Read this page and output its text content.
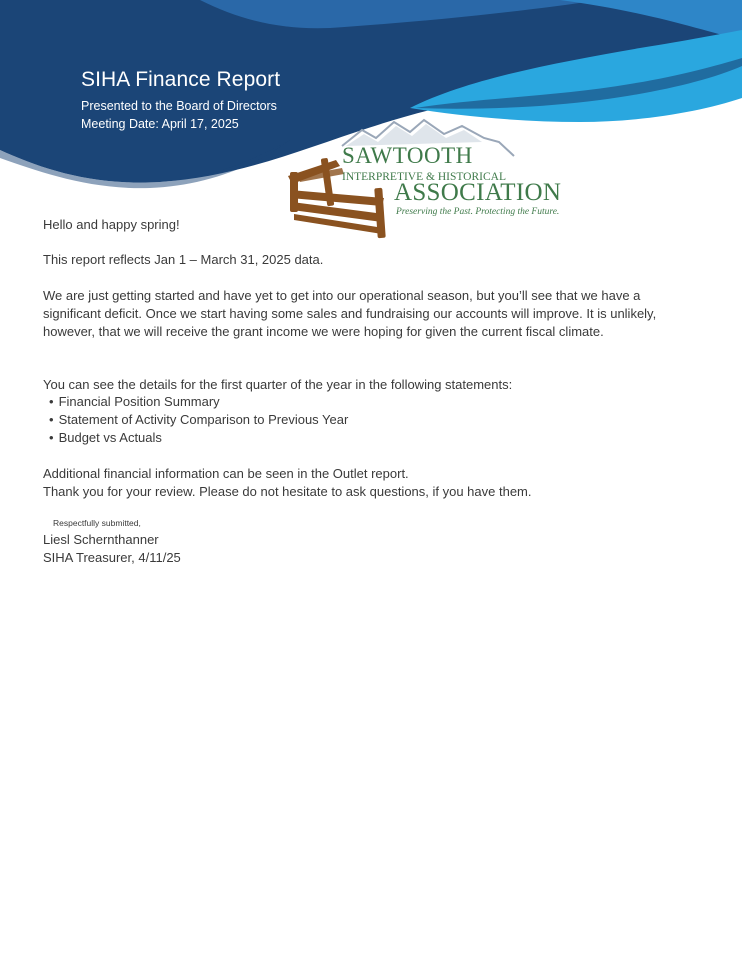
SIHA Finance Report
Presented to the Board of Directors
Meeting Date: April 17, 2025
SAWTOOTH
INTERPRETIVE & HISTORICAL
ASSOCIATION
Preserving the Past. Protecting the Future.

Hello and happy spring!

This report reflects Jan 1 – March 31, 2025 data.

We are just getting started and have yet to get into our operational season, but you’ll see that we have a significant deficit. Once we start having some sales and fundraising our accounts will improve. It is unlikely, however, that we will receive the grant income we were hoping for given the current fiscal climate.

You can see the details for the first quarter of the year in the following statements:

• Financial Position Summary
• Statement of Activity Comparison to Previous Year
• Budget vs Actuals

Additional financial information can be seen in the Outlet report.

Thank you for your review. Please do not hesitate to ask questions, if you have them.

Respectfully submitted,

Liesl Schernthanner

SIHA Treasurer, 4/11/25
